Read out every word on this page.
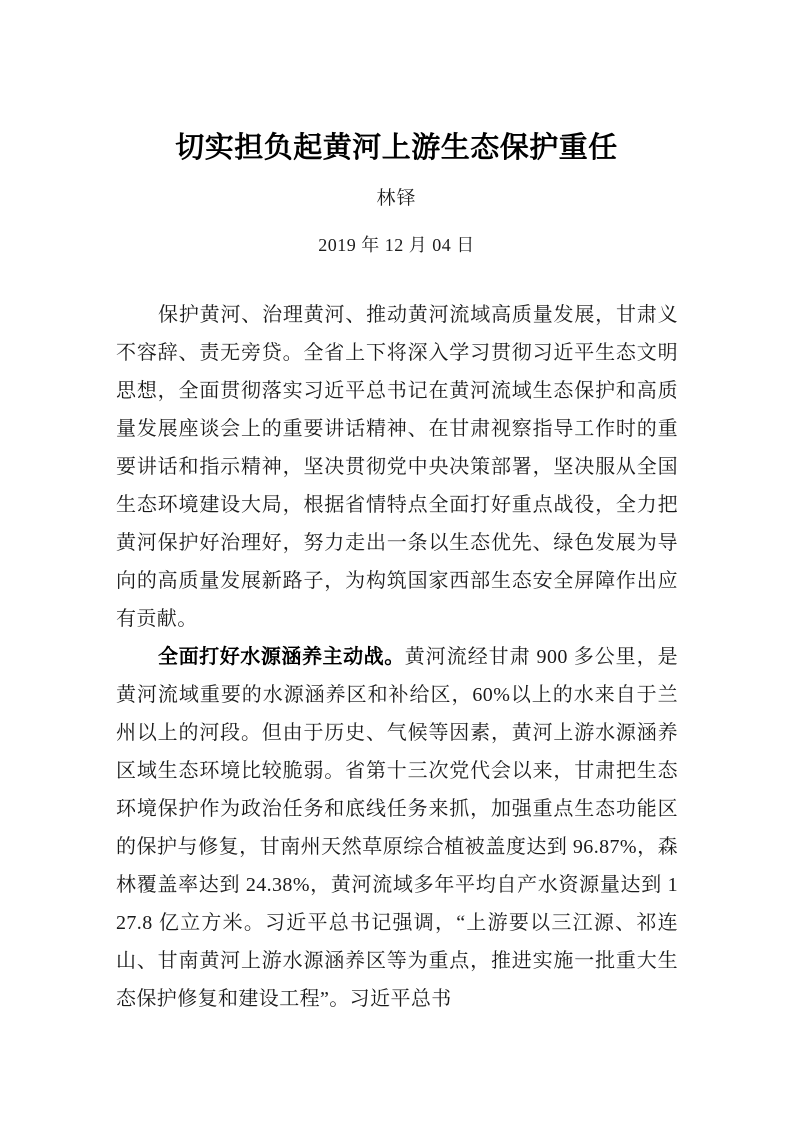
切实担负起黄河上游生态保护重任
林铎
2019 年 12 月 04 日

保护黄河、治理黄河、推动黄河流域高质量发展，甘肃义不容辞、责无旁贷。全省上下将深入学习贯彻习近平生态文明思想，全面贯彻落实习近平总书记在黄河流域生态保护和高质量发展座谈会上的重要讲话精神、在甘肃视察指导工作时的重要讲话和指示精神，坚决贯彻党中央决策部署，坚决服从全国生态环境建设大局，根据省情特点全面打好重点战役，全力把黄河保护好治理好，努力走出一条以生态优先、绿色发展为导向的高质量发展新路子，为构筑国家西部生态安全屏障作出应有贡献。

全面打好水源涵养主动战。黄河流经甘肃 900 多公里，是黄河流域重要的水源涵养区和补给区，60%以上的水来自于兰州以上的河段。但由于历史、气候等因素，黄河上游水源涵养区域生态环境比较脆弱。省第十三次党代会以来，甘肃把生态环境保护作为政治任务和底线任务来抓，加强重点生态功能区的保护与修复，甘南州天然草原综合植被盖度达到 96.87%，森林覆盖率达到 24.38%，黄河流域多年平均自产水资源量达到 127.8 亿立方米。习近平总书记强调，“上游要以三江源、祁连山、甘南黄河上游水源涵养区等为重点，推进实施一批重大生态保护修复和建设工程”。习近平总书
